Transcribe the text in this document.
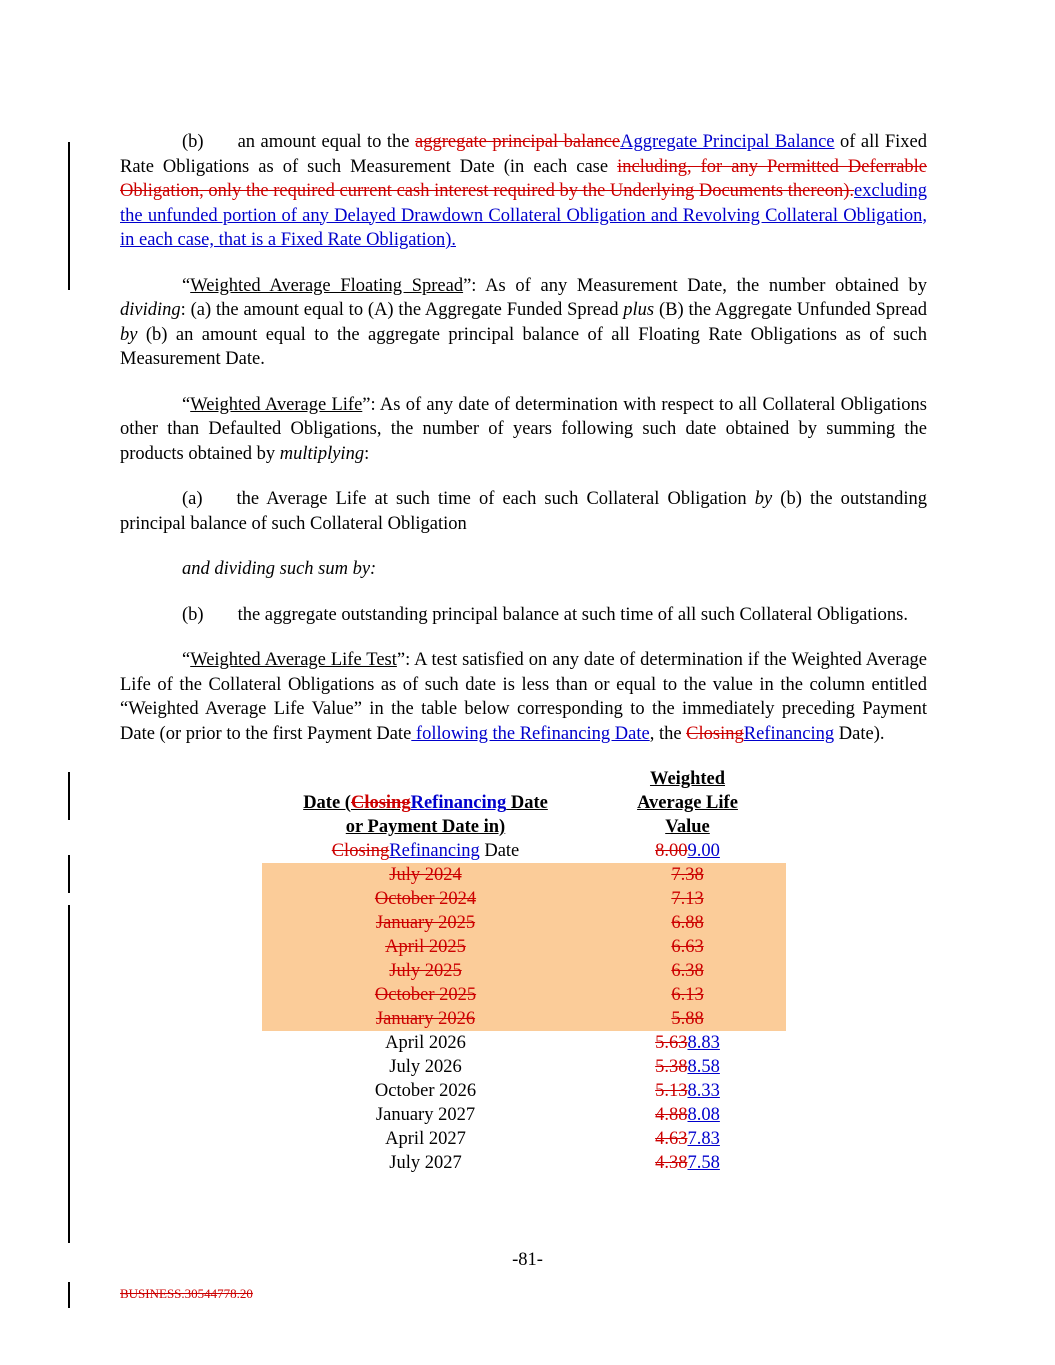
(b) an amount equal to the aggregate principal balanceAggregate Principal Balance of all Fixed Rate Obligations as of such Measurement Date (in each case including, for any Permitted Deferrable Obligation, only the required current cash interest required by the Underlying Documents thereon).excluding the unfunded portion of any Delayed Drawdown Collateral Obligation and Revolving Collateral Obligation, in each case, that is a Fixed Rate Obligation).

“Weighted Average Floating Spread”: As of any Measurement Date, the number obtained by dividing: (a) the amount equal to (A) the Aggregate Funded Spread plus (B) the Aggregate Unfunded Spread by (b) an amount equal to the aggregate principal balance of all Floating Rate Obligations as of such Measurement Date.

“Weighted Average Life”: As of any date of determination with respect to all Collateral Obligations other than Defaulted Obligations, the number of years following such date obtained by summing the products obtained by multiplying:

(a) the Average Life at such time of each such Collateral Obligation by (b) the outstanding principal balance of such Collateral Obligation

and dividing such sum by:

(b) the aggregate outstanding principal balance at such time of all such Collateral Obligations.

“Weighted Average Life Test”: A test satisfied on any date of determination if the Weighted Average Life of the Collateral Obligations as of such date is less than or equal to the value in the column entitled “Weighted Average Life Value” in the table below corresponding to the immediately preceding Payment Date (or prior to the first Payment Date following the Refinancing Date, the ClosingRefinancing Date).

Date (ClosingRefinancing Date
or Payment Date in)

Weighted
Average Life
Value

ClosingRefinancing Date	8.009.00
July 2024	7.38
October 2024	7.13
January 2025	6.88
April 2025	6.63
July 2025	6.38
October 2025	6.13
January 2026	5.88
April 2026	5.638.83
July 2026	5.388.58
October 2026	5.138.33
January 2027	4.888.08
April 2027	4.637.83
July 2027	4.387.58
-81-
BUSINESS.30544778.20
